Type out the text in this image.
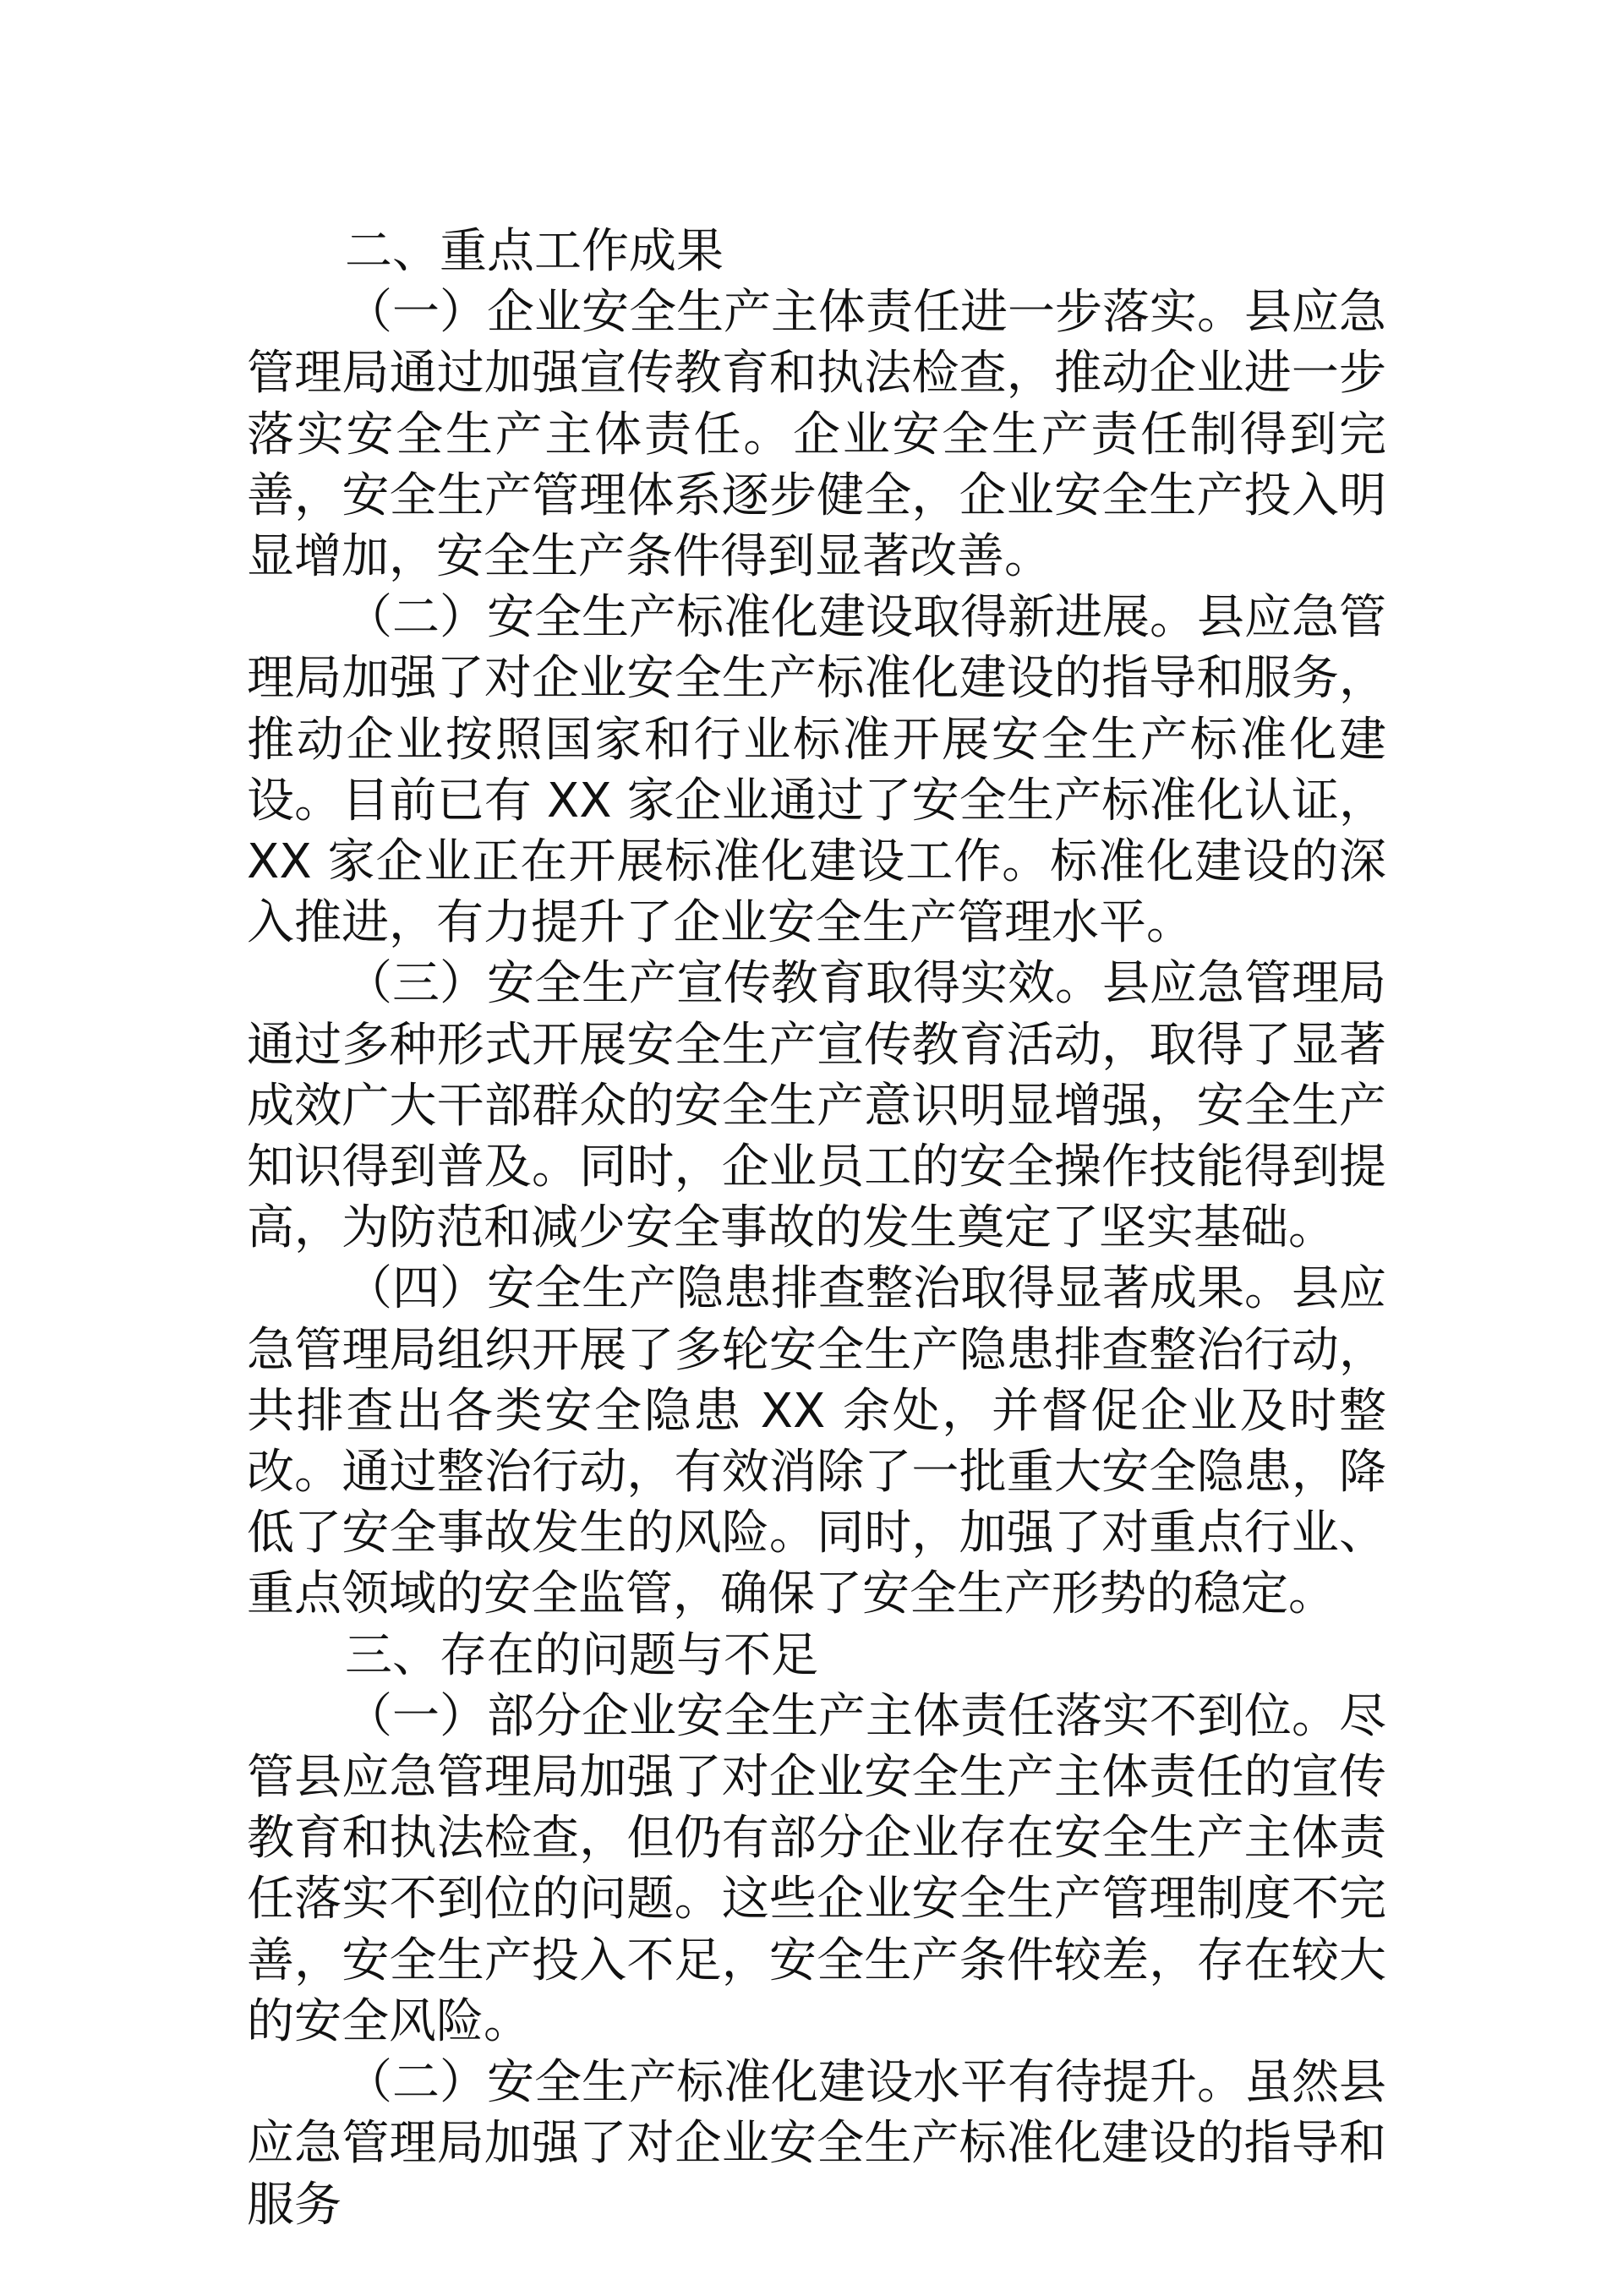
二、重点工作成果

（一）企业安全生产主体责任进一步落实。县应急管理局通过加强宣传教育和执法检查，推动企业进一步落实安全生产主体责任。企业安全生产责任制得到完善，安全生产管理体系逐步健全，企业安全生产投入明显增加，安全生产条件得到显著改善。

（二）安全生产标准化建设取得新进展。县应急管理局加强了对企业安全生产标准化建设的指导和服务，推动企业按照国家和行业标准开展安全生产标准化建设。目前已有 XX 家企业通过了安全生产标准化认证，XX 家企业正在开展标准化建设工作。标准化建设的深入推进，有力提升了企业安全生产管理水平。

（三）安全生产宣传教育取得实效。县应急管理局通过多种形式开展安全生产宣传教育活动，取得了显著成效广大干部群众的安全生产意识明显增强，安全生产知识得到普及。同时，企业员工的安全操作技能得到提高，为防范和减少安全事故的发生奠定了坚实基础。

（四）安全生产隐患排查整治取得显著成果。县应急管理局组织开展了多轮安全生产隐患排查整治行动，共排查出各类安全隐患 XX 余处，并督促企业及时整改。通过整治行动，有效消除了一批重大安全隐患，降低了安全事故发生的风险。同时，加强了对重点行业、重点领域的安全监管，确保了安全生产形势的稳定。

三、存在的问题与不足

（一）部分企业安全生产主体责任落实不到位。尽管县应急管理局加强了对企业安全生产主体责任的宣传教育和执法检查，但仍有部分企业存在安全生产主体责任落实不到位的问题。这些企业安全生产管理制度不完善，安全生产投入不足，安全生产条件较差，存在较大的安全风险。

（二）安全生产标准化建设水平有待提升。虽然县应急管理局加强了对企业安全生产标准化建设的指导和服务
